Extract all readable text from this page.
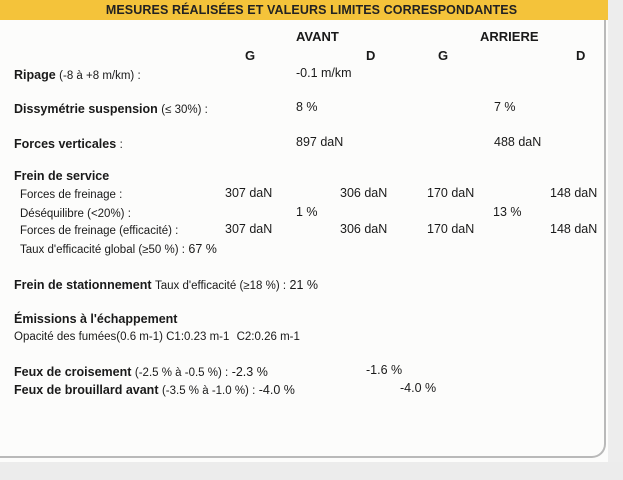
MESURES RÉALISÉES ET VALEURS LIMITES CORRESPONDANTES
AVANT	ARRIERE
G	D	G	D
Ripage (-8 à +8 m/km) :	-0.1 m/km
Dissymétrie suspension (≤ 30%) :	8 %	7 %
Forces verticales :	897 daN	488 daN
Frein de service
Forces de freinage :	307 daN	306 daN	170 daN	148 daN
Déséquilibre (<20%) :	1 %	13 %
Forces de freinage (efficacité) :	307 daN	306 daN	170 daN	148 daN
Taux d'efficacité global (≥50 %) : 67 %
Frein de stationnement Taux d'efficacité (≥18 %) : 21 %
Émissions à l'échappement
Opacité des fumées(0.6 m-1) C1:0.23 m-1 C2:0.26 m-1
Feux de croisement (-2.5 % à -0.5 %) : -2.3 %	-1.6 %
Feux de brouillard avant (-3.5 % à -1.0 %) : -4.0 %	-4.0 %
